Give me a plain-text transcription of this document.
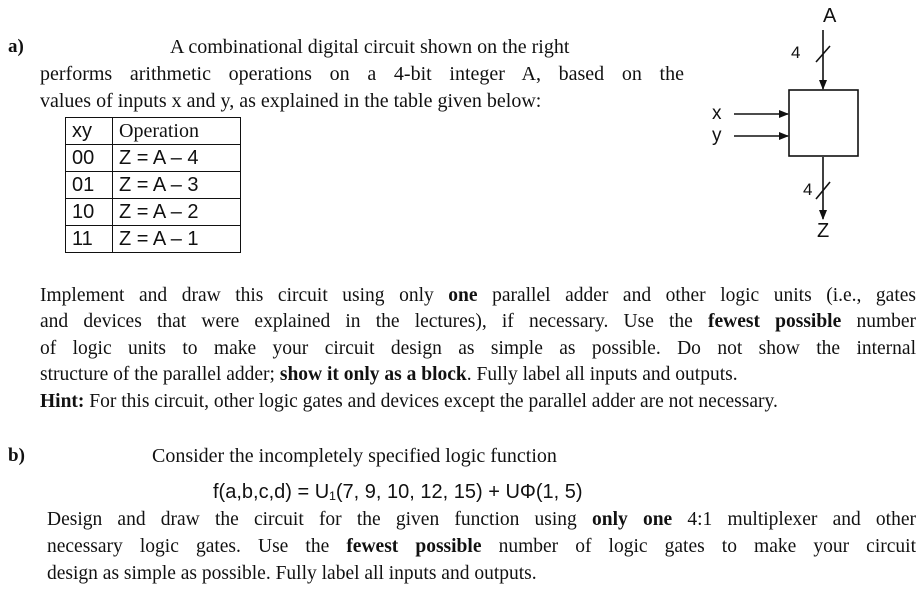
a)	A combinational digital circuit shown on the right
performs arithmetic operations on a 4-bit integer A, based on the
values of inputs x and y, as explained in the table given below:
xy	Operation
00	Z = A – 4
01	Z = A – 3
10	Z = A – 2
11	Z = A – 1
A
4
x
y
4
Z
Implement and draw this circuit using only one parallel adder and other logic units (i.e., gates
and devices that were explained in the lectures), if necessary. Use the fewest possible number
of logic units to make your circuit design as simple as possible. Do not show the internal
structure of the parallel adder; show it only as a block. Fully label all inputs and outputs.
Hint: For this circuit, other logic gates and devices except the parallel adder are not necessary.
b)	Consider the incompletely specified logic function
f(a,b,c,d) = U₁(7, 9, 10, 12, 15) + UΦ(1, 5)
Design and draw the circuit for the given function using only one 4:1 multiplexer and other
necessary logic gates. Use the fewest possible number of logic gates to make your circuit
design as simple as possible. Fully label all inputs and outputs.
